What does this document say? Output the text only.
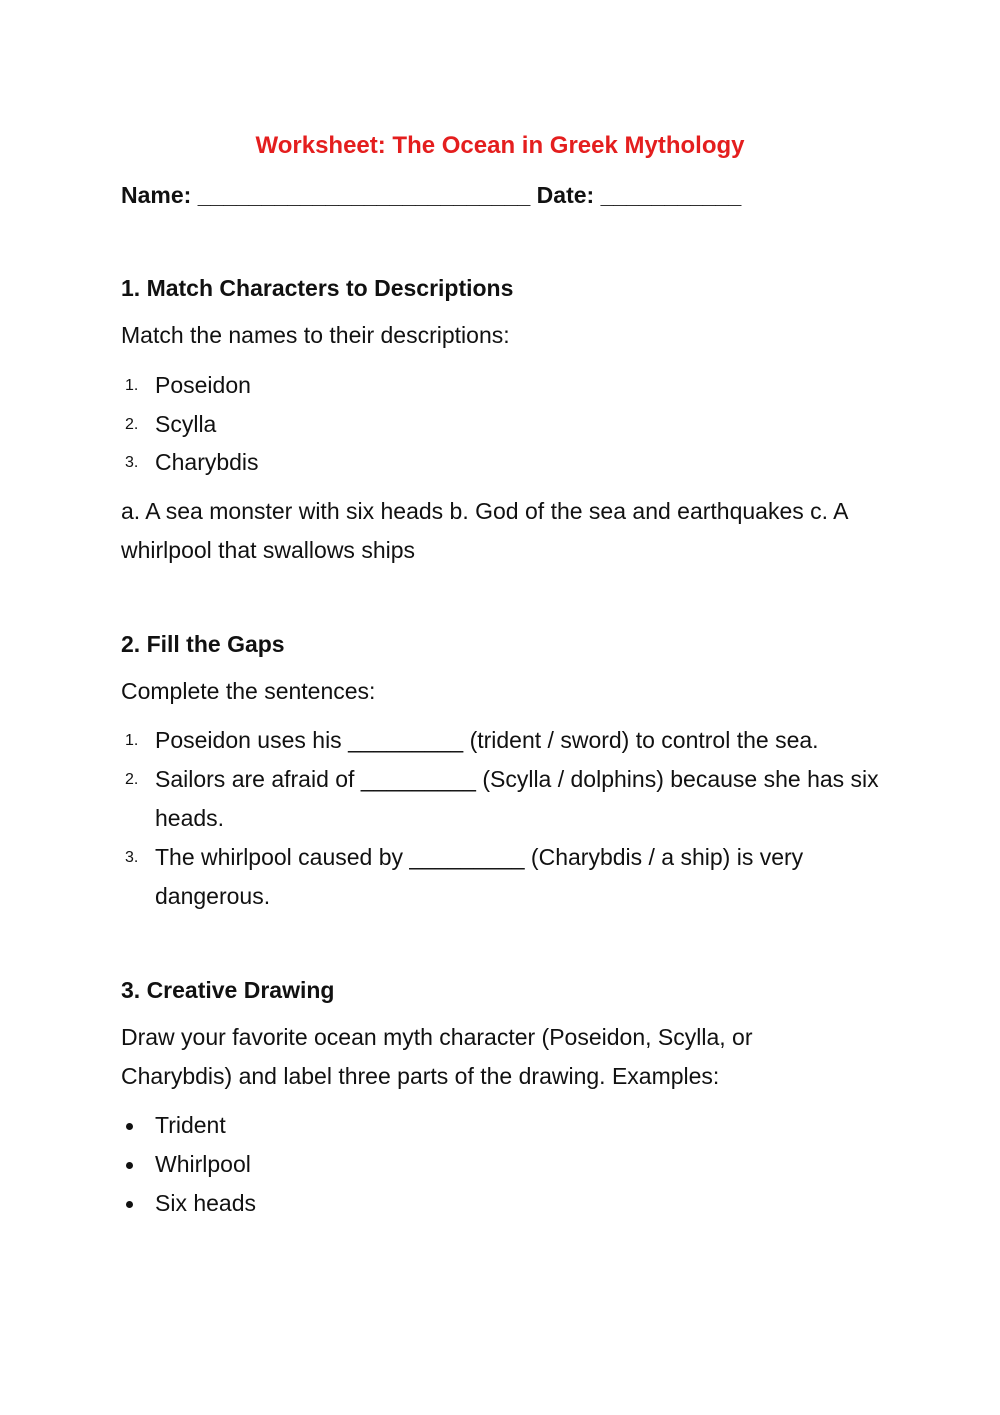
Worksheet: The Ocean in Greek Mythology
Name: __________________________ Date: ___________
1. Match Characters to Descriptions
Match the names to their descriptions:
1. Poseidon
2. Scylla
3. Charybdis
a. A sea monster with six heads b. God of the sea and earthquakes c. A whirlpool that swallows ships
2. Fill the Gaps
Complete the sentences:
1. Poseidon uses his _________ (trident / sword) to control the sea.
2. Sailors are afraid of _________ (Scylla / dolphins) because she has six heads.
3. The whirlpool caused by _________ (Charybdis / a ship) is very dangerous.
3. Creative Drawing
Draw your favorite ocean myth character (Poseidon, Scylla, or Charybdis) and label three parts of the drawing. Examples:
Trident
Whirlpool
Six heads
